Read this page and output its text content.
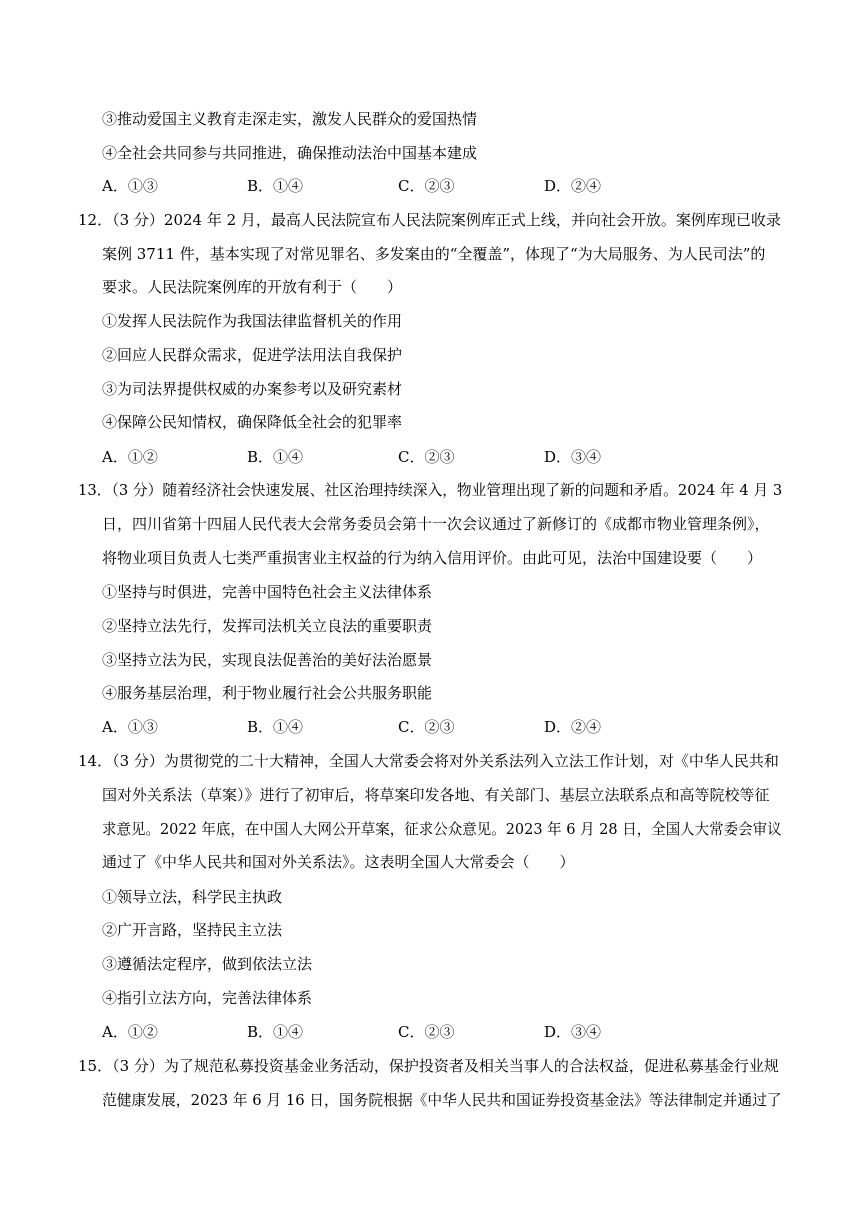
③推动爱国主义教育走深走实，激发人民群众的爱国热情
④全社会共同参与共同推进，确保推动法治中国基本建成
A．①③	B．①④	C．②③	D．②④
12．（3 分）2024 年 2 月，最高人民法院宣布人民法院案例库正式上线，并向社会开放。案例库现已收录
案例 3711 件，基本实现了对常见罪名、多发案由的“全覆盖”，体现了“为大局服务、为人民司法”的
要求。人民法院案例库的开放有利于（　　）
①发挥人民法院作为我国法律监督机关的作用
②回应人民群众需求，促进学法用法自我保护
③为司法界提供权威的办案参考以及研究素材
④保障公民知情权，确保降低全社会的犯罪率
A．①②	B．①④	C．②③	D．③④
13．（3 分）随着经济社会快速发展、社区治理持续深入，物业管理出现了新的问题和矛盾。2024 年 4 月 3
日，四川省第十四届人民代表大会常务委员会第十一次会议通过了新修订的《成都市物业管理条例》，
将物业项目负责人七类严重损害业主权益的行为纳入信用评价。由此可见，法治中国建设要（　　）
①坚持与时俱进，完善中国特色社会主义法律体系
②坚持立法先行，发挥司法机关立良法的重要职责
③坚持立法为民，实现良法促善治的美好法治愿景
④服务基层治理，利于物业履行社会公共服务职能
A．①③	B．①④	C．②③	D．②④
14．（3 分）为贯彻党的二十大精神，全国人大常委会将对外关系法列入立法工作计划，对《中华人民共和
国对外关系法（草案）》进行了初审后，将草案印发各地、有关部门、基层立法联系点和高等院校等征
求意见。2022 年底，在中国人大网公开草案，征求公众意见。2023 年 6 月 28 日，全国人大常委会审议
通过了《中华人民共和国对外关系法》。这表明全国人大常委会（　　）
①领导立法，科学民主执政
②广开言路，坚持民主立法
③遵循法定程序，做到依法立法
④指引立法方向，完善法律体系
A．①②	B．①④	C．②③	D．③④
15．（3 分）为了规范私募投资基金业务活动，保护投资者及相关当事人的合法权益，促进私募基金行业规
范健康发展，2023 年 6 月 16 日，国务院根据《中华人民共和国证券投资基金法》等法律制定并通过了
